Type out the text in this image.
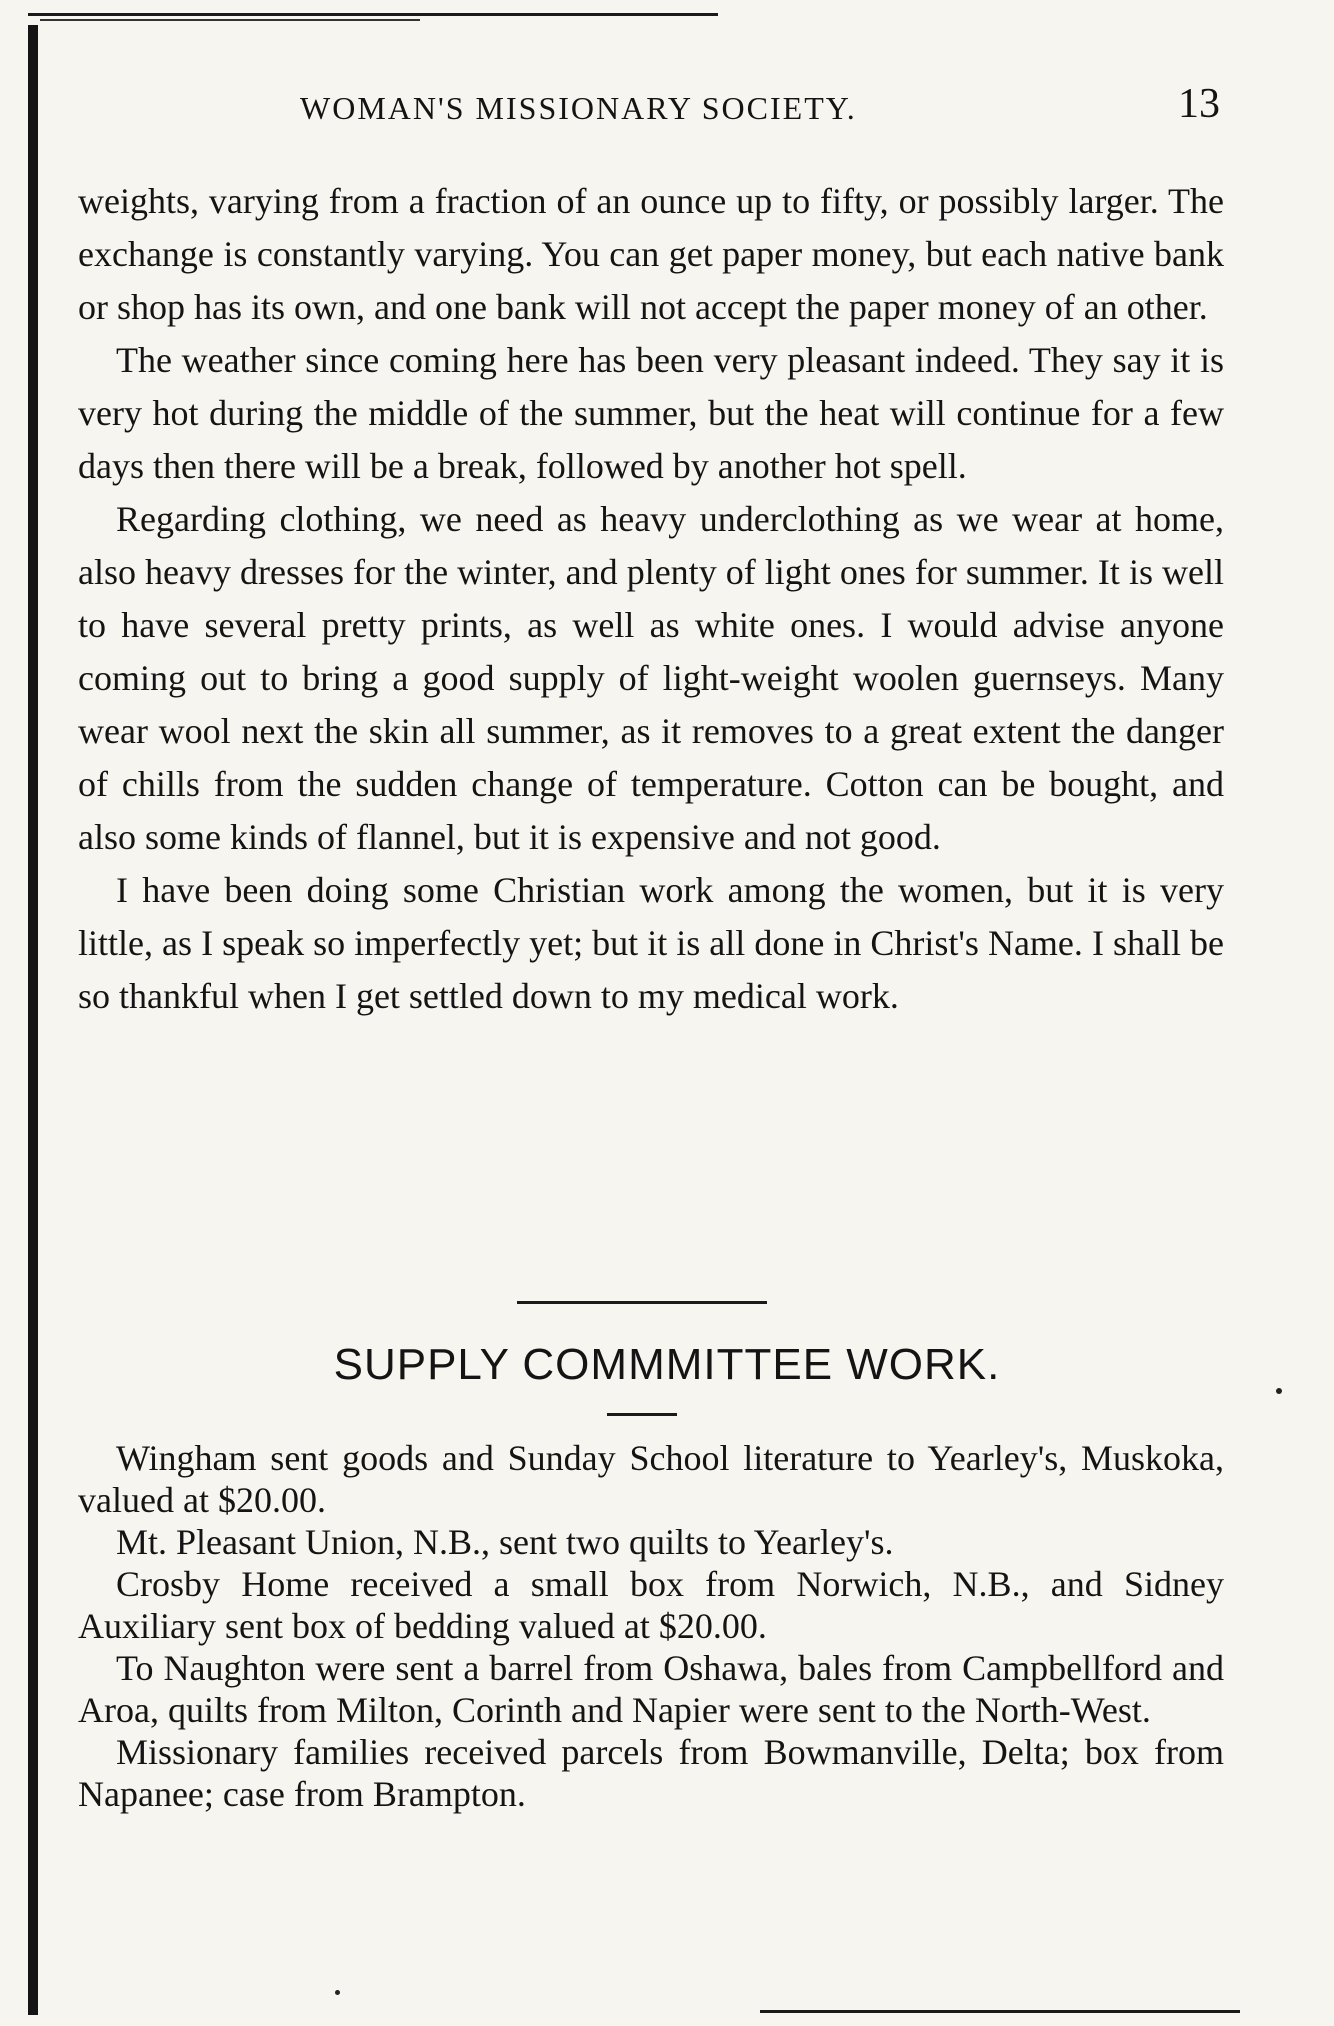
WOMAN'S MISSIONARY SOCIETY.	13

weights, varying from a fraction of an ounce up to fifty, or possibly larger. The exchange is constantly varying. You can get paper money, but each native bank or shop has its own, and one bank will not accept the paper money of an other.

The weather since coming here has been very pleasant indeed. They say it is very hot during the middle of the summer, but the heat will continue for a few days then there will be a break, followed by another hot spell.

Regarding clothing, we need as heavy underclothing as we wear at home, also heavy dresses for the winter, and plenty of light ones for summer. It is well to have several pretty prints, as well as white ones. I would advise anyone coming out to bring a good supply of light-weight woolen guernseys. Many wear wool next the skin all summer, as it removes to a great extent the danger of chills from the sudden change of temperature. Cotton can be bought, and also some kinds of flannel, but it is expensive and not good.

I have been doing some Christian work among the women, but it is very little, as I speak so imperfectly yet; but it is all done in Christ's Name. I shall be so thankful when I get settled down to my medical work.

SUPPLY COMMMITTEE WORK.

Wingham sent goods and Sunday School literature to Yearley's, Muskoka, valued at $20.00.

Mt. Pleasant Union, N.B., sent two quilts to Yearley's.

Crosby Home received a small box from Norwich, N.B., and Sidney Auxiliary sent box of bedding valued at $20.00.

To Naughton were sent a barrel from Oshawa, bales from Campbellford and Aroa, quilts from Milton, Corinth and Napier were sent to the North-West.

Missionary families received parcels from Bowmanville, Delta; box from Napanee; case from Brampton.
